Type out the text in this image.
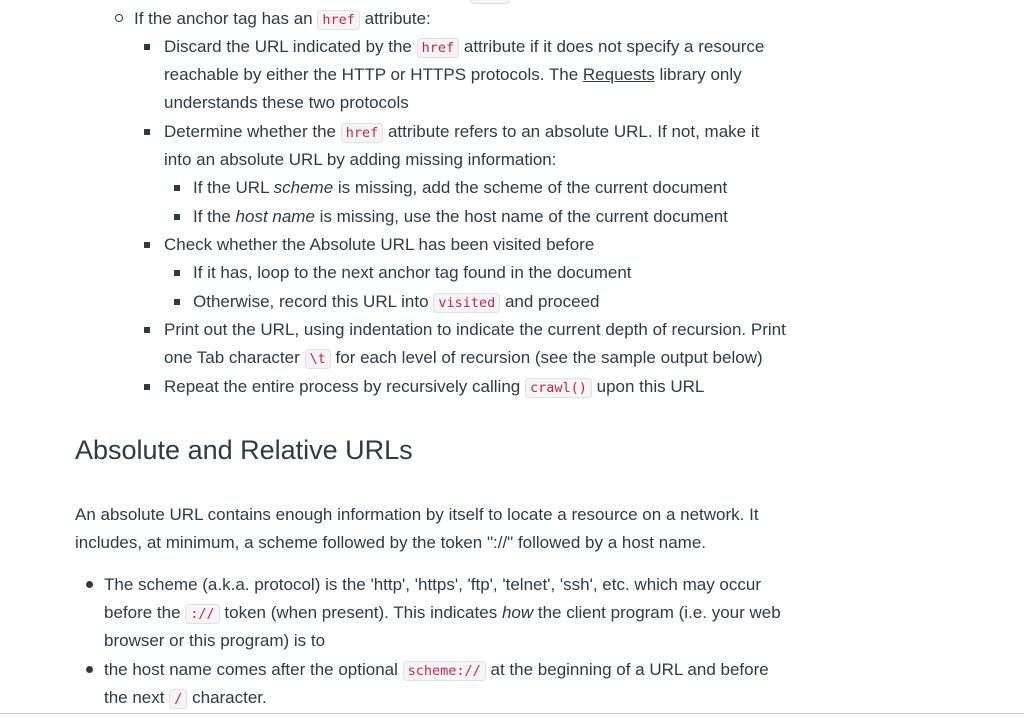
If the anchor tag has an href attribute:
Discard the URL indicated by the href attribute if it does not specify a resource
reachable by either the HTTP or HTTPS protocols. The Requests library only
understands these two protocols
Determine whether the href attribute refers to an absolute URL. If not, make it
into an absolute URL by adding missing information:
If the URL scheme is missing, add the scheme of the current document
If the host name is missing, use the host name of the current document
Check whether the Absolute URL has been visited before
If it has, loop to the next anchor tag found in the document
Otherwise, record this URL into visited and proceed
Print out the URL, using indentation to indicate the current depth of recursion. Print
one Tab character \t for each level of recursion (see the sample output below)
Repeat the entire process by recursively calling crawl() upon this URL
Absolute and Relative URLs
An absolute URL contains enough information by itself to locate a resource on a network. It
includes, at minimum, a scheme followed by the token "://" followed by a host name.
The scheme (a.k.a. protocol) is the 'http', 'https', 'ftp', 'telnet', 'ssh', etc. which may occur
before the :// token (when present). This indicates how the client program (i.e. your web
browser or this program) is to
the host name comes after the optional scheme:// at the beginning of a URL and before
the next / character.
